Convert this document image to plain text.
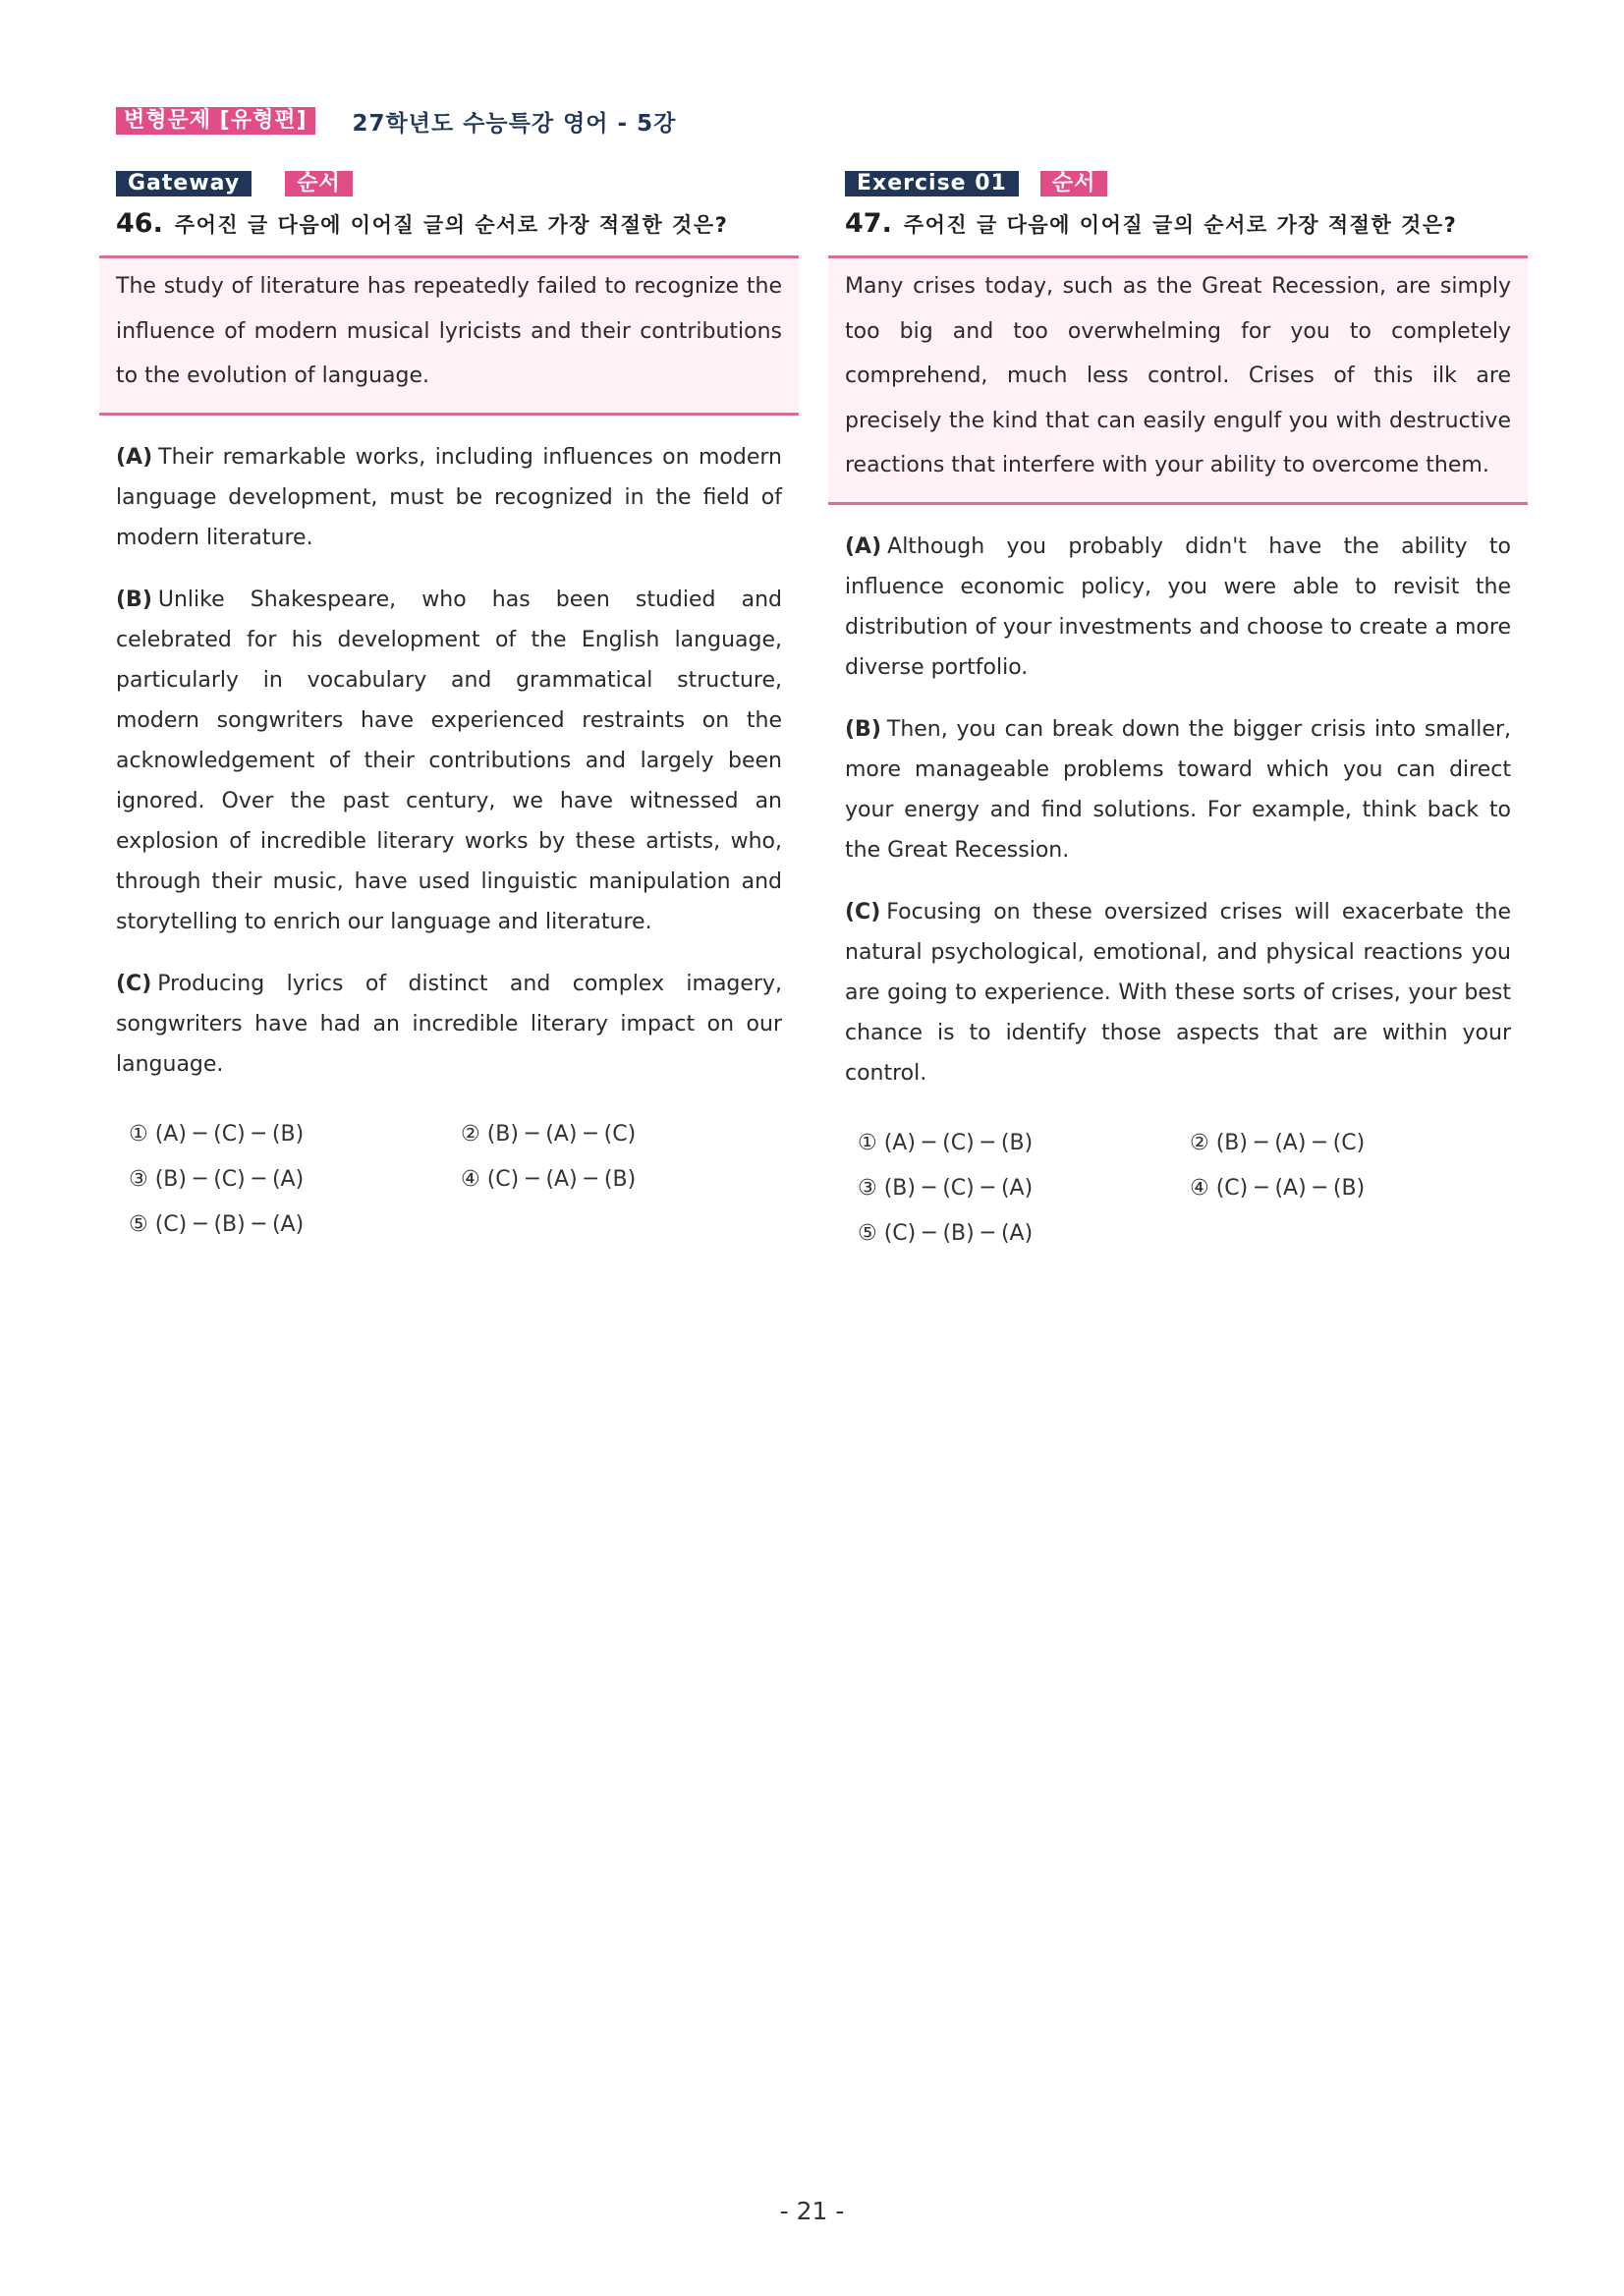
변형문제 [유형편]	27학년도 수능특강 영어 - 5강
Gateway	순서
46. 주어진 글 다음에 이어질 글의 순서로 가장 적절한 것은?

The study of literature has repeatedly failed to recognize the influence of modern musical lyricists and their contributions to the evolution of language.

(A) Their remarkable works, including influences on modern language development, must be recognized in the field of modern literature.
(B) Unlike Shakespeare, who has been studied and celebrated for his development of the English language, particularly in vocabulary and grammatical structure, modern songwriters have experienced restraints on the acknowledgement of their contributions and largely been ignored. Over the past century, we have witnessed an explosion of incredible literary works by these artists, who, through their music, have used linguistic manipulation and storytelling to enrich our language and literature.
(C) Producing lyrics of distinct and complex imagery, songwriters have had an incredible literary impact on our language.
① (A) ─ (C) ─ (B)	② (B) ─ (A) ─ (C)
③ (B) ─ (C) ─ (A)	④ (C) ─ (A) ─ (B)
⑤ (C) ─ (B) ─ (A)
Exercise 01	순서
47. 주어진 글 다음에 이어질 글의 순서로 가장 적절한 것은?

Many crises today, such as the Great Recession, are simply too big and too overwhelming for you to completely comprehend, much less control. Crises of this ilk are precisely the kind that can easily engulf you with destructive reactions that interfere with your ability to overcome them.

(A) Although you probably didn't have the ability to influence economic policy, you were able to revisit the distribution of your investments and choose to create a more diverse portfolio.
(B) Then, you can break down the bigger crisis into smaller, more manageable problems toward which you can direct your energy and find solutions. For example, think back to the Great Recession.
(C) Focusing on these oversized crises will exacerbate the natural psychological, emotional, and physical reactions you are going to experience. With these sorts of crises, your best chance is to identify those aspects that are within your control.
① (A) ─ (C) ─ (B)	② (B) ─ (A) ─ (C)
③ (B) ─ (C) ─ (A)	④ (C) ─ (A) ─ (B)
⑤ (C) ─ (B) ─ (A)
- 21 -
